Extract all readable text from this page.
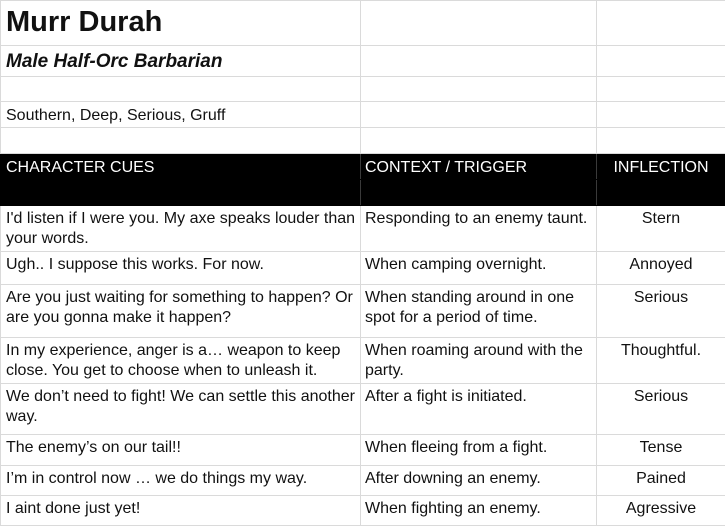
Murr Durah		
Male Half-Orc Barbarian		

Southern, Deep, Serious, Gruff		

CHARACTER CUES	CONTEXT / TRIGGER	INFLECTION

I'd listen if I were you. My axe speaks louder than your words.	Responding to an enemy taunt.	Stern
Ugh.. I suppose this works. For now.	When camping overnight.	Annoyed
Are you just waiting for something to happen? Or are you gonna make it happen?	When standing around in one spot for a period of time.	Serious
In my experience, anger is a… weapon to keep close. You get to choose when to unleash it.	When roaming around with the party.	Thoughtful.
We don’t need to fight! We can settle this another way.	After a fight is initiated.	Serious
The enemy’s on our tail!!	When fleeing from a fight.	Tense
I’m in control now … we do things my way.	After downing an enemy.	Pained
I aint done just yet!	When fighting an enemy.	Agressive
